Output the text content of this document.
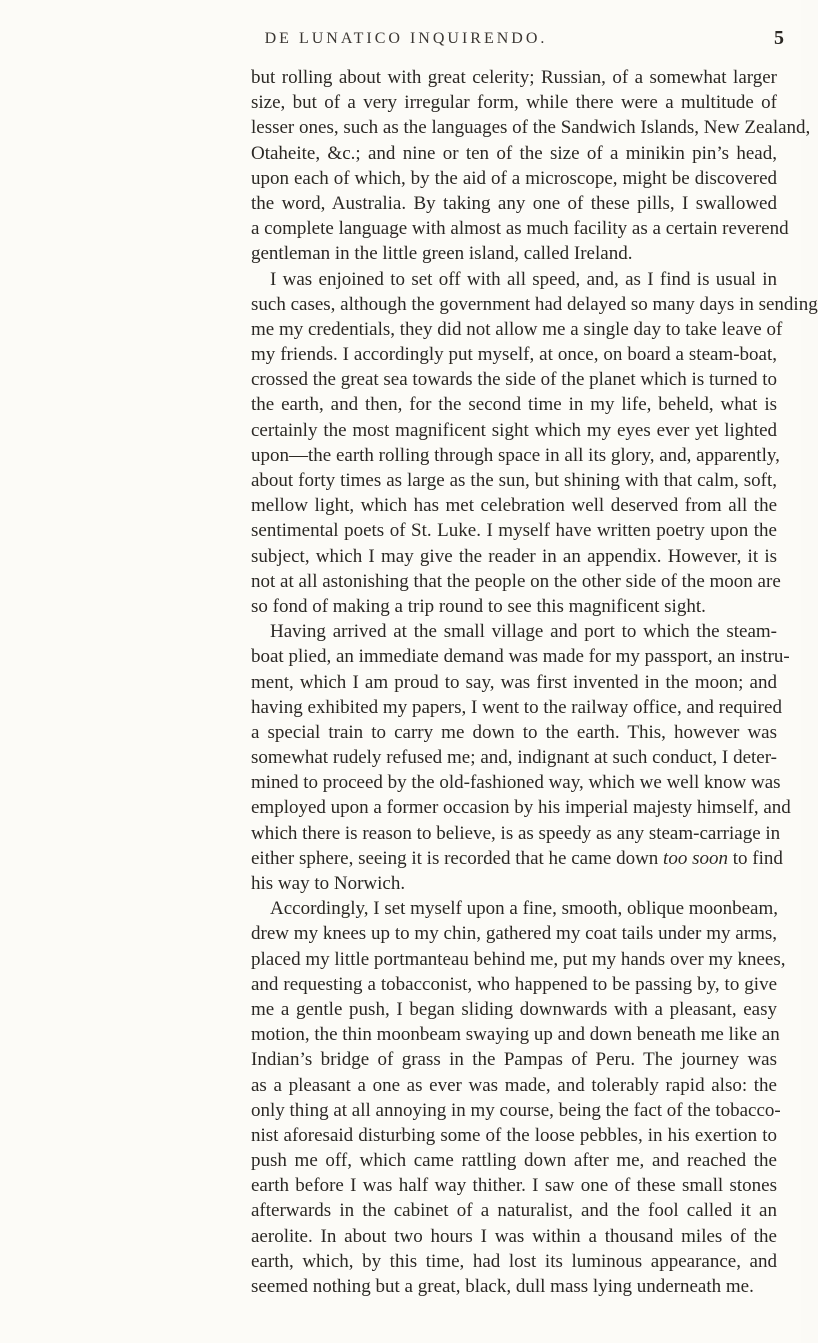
DE LUNATICO INQUIRENDO.	5
but rolling about with great celerity; Russian, of a somewhat larger
size, but of a very irregular form, while there were a multitude of
lesser ones, such as the languages of the Sandwich Islands, New Zealand,
Otaheite, &c.; and nine or ten of the size of a minikin pin’s head,
upon each of which, by the aid of a microscope, might be discovered
the word, Australia. By taking any one of these pills, I swallowed
a complete language with almost as much facility as a certain reverend
gentleman in the little green island, called Ireland.
I was enjoined to set off with all speed, and, as I find is usual in
such cases, although the government had delayed so many days in sending
me my credentials, they did not allow me a single day to take leave of
my friends. I accordingly put myself, at once, on board a steam-boat,
crossed the great sea towards the side of the planet which is turned to
the earth, and then, for the second time in my life, beheld, what is
certainly the most magnificent sight which my eyes ever yet lighted
upon—the earth rolling through space in all its glory, and, apparently,
about forty times as large as the sun, but shining with that calm, soft,
mellow light, which has met celebration well deserved from all the
sentimental poets of St. Luke. I myself have written poetry upon the
subject, which I may give the reader in an appendix. However, it is
not at all astonishing that the people on the other side of the moon are
so fond of making a trip round to see this magnificent sight.
Having arrived at the small village and port to which the steam-
boat plied, an immediate demand was made for my passport, an instru-
ment, which I am proud to say, was first invented in the moon; and
having exhibited my papers, I went to the railway office, and required
a special train to carry me down to the earth. This, however was
somewhat rudely refused me; and, indignant at such conduct, I deter-
mined to proceed by the old-fashioned way, which we well know was
employed upon a former occasion by his imperial majesty himself, and
which there is reason to believe, is as speedy as any steam-carriage in
either sphere, seeing it is recorded that he came down too soon to find
his way to Norwich.
Accordingly, I set myself upon a fine, smooth, oblique moonbeam,
drew my knees up to my chin, gathered my coat tails under my arms,
placed my little portmanteau behind me, put my hands over my knees,
and requesting a tobacconist, who happened to be passing by, to give
me a gentle push, I began sliding downwards with a pleasant, easy
motion, the thin moonbeam swaying up and down beneath me like an
Indian’s bridge of grass in the Pampas of Peru. The journey was
as a pleasant a one as ever was made, and tolerably rapid also: the
only thing at all annoying in my course, being the fact of the tobacco-
nist aforesaid disturbing some of the loose pebbles, in his exertion to
push me off, which came rattling down after me, and reached the
earth before I was half way thither. I saw one of these small stones
afterwards in the cabinet of a naturalist, and the fool called it an
aerolite. In about two hours I was within a thousand miles of the
earth, which, by this time, had lost its luminous appearance, and
seemed nothing but a great, black, dull mass lying underneath me.
